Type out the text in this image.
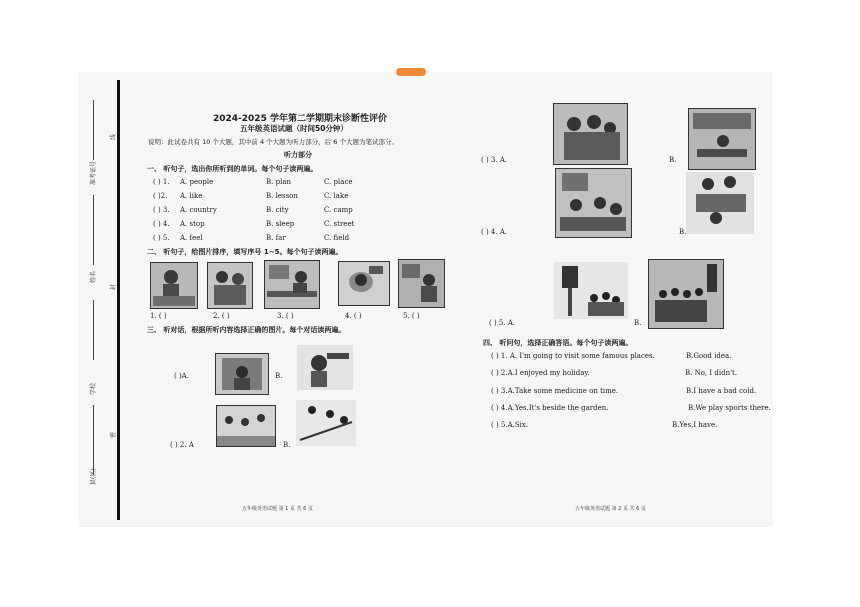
县(区)
学校
姓名
准考证号
线
封
密
2024-2025 学年第二学期期末诊断性评价
五年级英语试题（时间50分钟）
说明：此试卷共有 10 个大题，其中前 4 个大题为听力部分，后 6 个大题为笔试部分。
听力部分
一、 听句子，选出你所听到的单词。每个句子读两遍。
( ) 1. A. people	B. plan	C. place
( )2. A. like	B. lesson	C. lake
( ) 3. A. country	B. city	C. camp
( ) 4. A. stop	B. sleep	C. street
( ) 5. A. feel	B. far	C. field
二、 听句子，给图片排序，填写序号 1~5。每个句子读两遍。
1. ( )	2. ( )	3. ( )	4. ( )	5. ( )
三、 听对话，根据所听内容选择正确的图片。每个对话读两遍。
( )A.	B.
( ) 2. A	B.
五年级英语试题 第 1 页 共 6 页
( ) 3. A.	B.
( ) 4. A.	B.
( ) 5. A.	B.
四、 听问句，选择正确答语。每个句子读两遍。
( ) 1. A. I'm going to visit some famous places.	B.Good idea.
( ) 2.A.I enjoyed my holiday.	B. No, I didn't.
( ) 3.A.Take some medicine on time.	B.I have a bad cold.
( ) 4.A.Yes.It's beside the garden.	B.We play sports there.
( ) 5.A.Six.	B.Yes,I have.
五年级英语试题 第 2 页 共 6 页
